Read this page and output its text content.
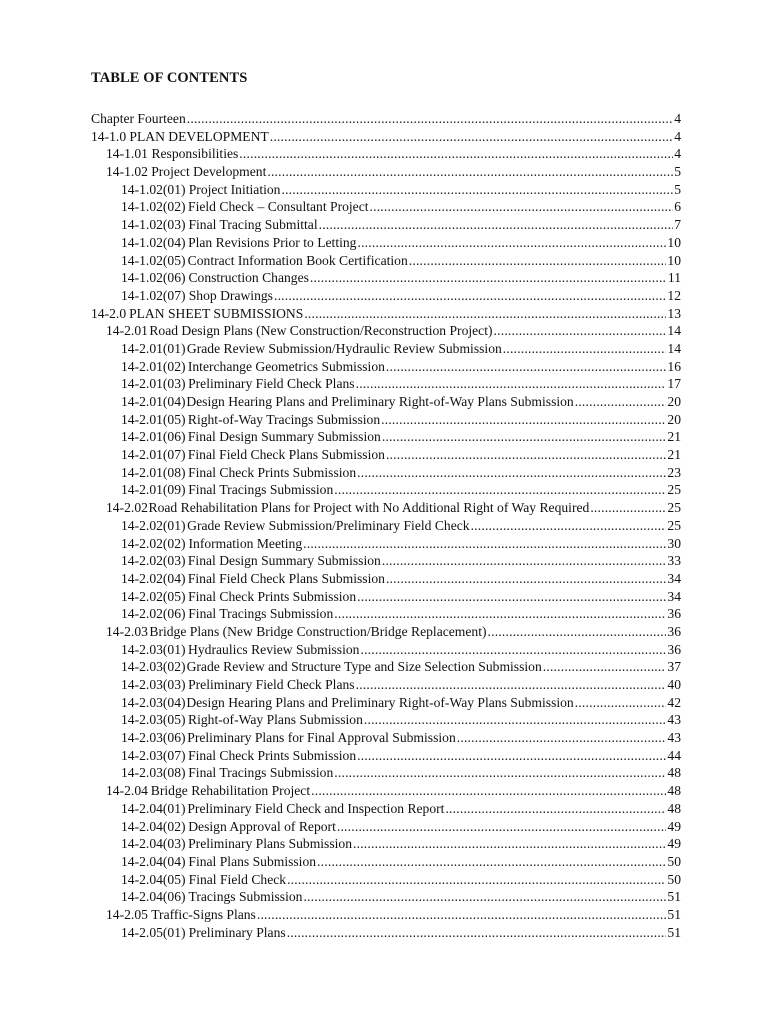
TABLE OF CONTENTS
Chapter Fourteen .....	4
14-1.0 PLAN DEVELOPMENT .....	4
14-1.01 Responsibilities .....	4
14-1.02 Project Development .....	5
14-1.02(01) Project Initiation .....	5
14-1.02(02) Field Check – Consultant Project .....	6
14-1.02(03) Final Tracing Submittal .....	7
14-1.02(04) Plan Revisions Prior to Letting .....	10
14-1.02(05) Contract Information Book Certification .....	10
14-1.02(06) Construction Changes .....	11
14-1.02(07) Shop Drawings .....	12
14-2.0 PLAN SHEET SUBMISSIONS .....	13
14-2.01 Road Design Plans (New Construction/Reconstruction Project) .....	14
14-2.01(01) Grade Review Submission/Hydraulic Review Submission .....	14
14-2.01(02) Interchange Geometrics Submission .....	16
14-2.01(03) Preliminary Field Check Plans .....	17
14-2.01(04) Design Hearing Plans and Preliminary Right-of-Way Plans Submission .....	20
14-2.01(05) Right-of-Way Tracings Submission .....	20
14-2.01(06) Final Design Summary Submission .....	21
14-2.01(07) Final Field Check Plans Submission .....	21
14-2.01(08) Final Check Prints Submission .....	23
14-2.01(09) Final Tracings Submission .....	25
14-2.02 Road Rehabilitation Plans for Project with No Additional Right of Way Required .....	25
14-2.02(01) Grade Review Submission/Preliminary Field Check .....	25
14-2.02(02) Information Meeting .....	30
14-2.02(03) Final Design Summary Submission .....	33
14-2.02(04) Final Field Check Plans Submission .....	34
14-2.02(05) Final Check Prints Submission .....	34
14-2.02(06) Final Tracings Submission .....	36
14-2.03 Bridge Plans (New Bridge Construction/Bridge Replacement) .....	36
14-2.03(01) Hydraulics Review Submission .....	36
14-2.03(02) Grade Review and Structure Type and Size Selection Submission .....	37
14-2.03(03) Preliminary Field Check Plans .....	40
14-2.03(04) Design Hearing Plans and Preliminary Right-of-Way Plans Submission .....	42
14-2.03(05) Right-of-Way Plans Submission .....	43
14-2.03(06) Preliminary Plans for Final Approval Submission .....	43
14-2.03(07) Final Check Prints Submission .....	44
14-2.03(08) Final Tracings Submission .....	48
14-2.04 Bridge Rehabilitation Project .....	48
14-2.04(01) Preliminary Field Check and Inspection Report .....	48
14-2.04(02) Design Approval of Report .....	49
14-2.04(03) Preliminary Plans Submission .....	49
14-2.04(04) Final Plans Submission .....	50
14-2.04(05) Final Field Check .....	50
14-2.04(06) Tracings Submission .....	51
14-2.05 Traffic-Signs Plans .....	51
14-2.05(01) Preliminary Plans .....	51
